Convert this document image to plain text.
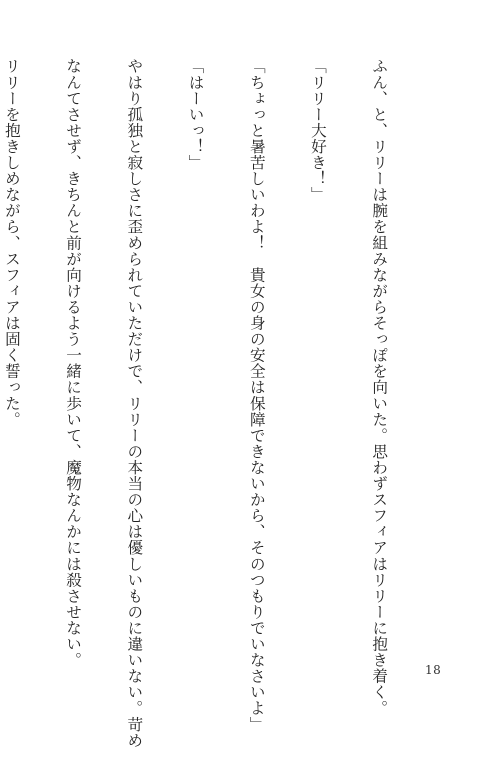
ふん、と、リリーは腕を組みながらそっぽを向いた。思わずスフィアはリリーに抱き着く。

「リリー大好き！」

「ちょっと暑苦しいわよ！　貴女の身の安全は保障できないから、そのつもりでいなさいよ」

「はーいっ！」

やはり孤独と寂しさに歪められていただけで、リリーの本当の心は優しいものに違いない。苛め

なんてさせず、きちんと前が向けるよう一緒に歩いて、魔物なんかには殺させない。

リリーを抱きしめながら、スフィアは固く誓った。

18
